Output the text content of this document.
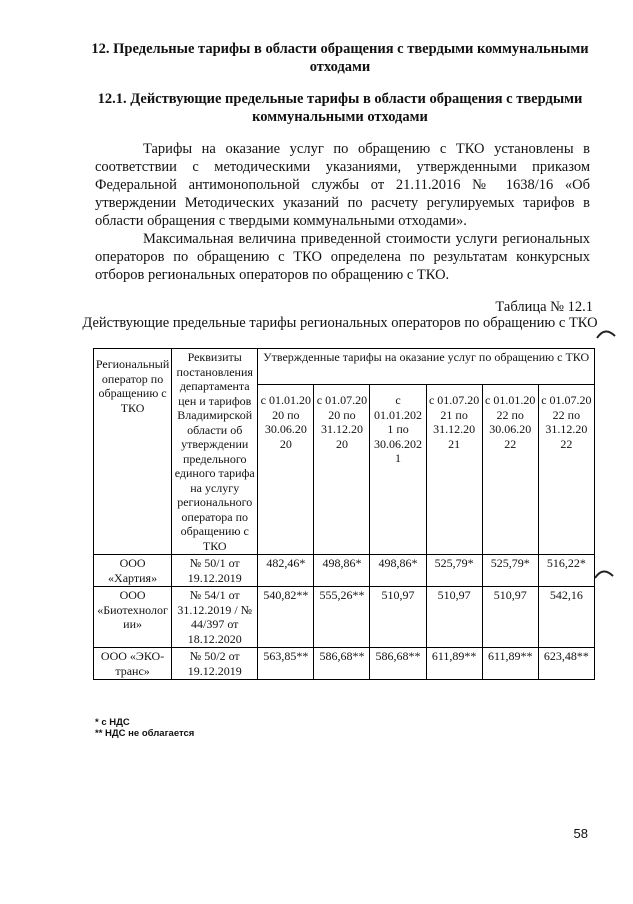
12. Предельные тарифы в области обращения с твердыми коммунальными отходами
12.1. Действующие предельные тарифы в области обращения с твердыми коммунальными отходами
Тарифы на оказание услуг по обращению с ТКО установлены в соответствии с методическими указаниями, утвержденными приказом Федеральной антимонопольной службы от 21.11.2016 № 1638/16 «Об утверждении Методических указаний по расчету регулируемых тарифов в области обращения с твердыми коммунальными отходами».
Максимальная величина приведенной стоимости услуги региональных операторов по обращению с ТКО определена по результатам конкурсных отборов региональных операторов по обращению с ТКО.
Таблица № 12.1
Действующие предельные тарифы региональных операторов по обращению с ТКО
Региональный оператор по обращению с ТКО	Реквизиты постановления департамента цен и тарифов Владимирской области об утверждении предельного единого тарифа на услугу регионального оператора по обращению с ТКО	Утвержденные тарифы на оказание услуг по обращению с ТКО					
		с 01.01.20 20 по 30.06.20 20	с 01.07.20 20 по 31.12.20 20	с 01.01.202 1 по 30.06.202 1	с 01.07.20 21 по 31.12.20 21	с 01.01.20 22 по 30.06.20 22	с 01.07.20 22 по 31.12.20 22
ООО «Хартия»	№ 50/1 от 19.12.2019	482,46*	498,86*	498,86*	525,79*	525,79*	516,22*
ООО «Биотехнолог ии»	№ 54/1 от 31.12.2019 / № 44/397 от 18.12.2020	540,82**	555,26**	510,97	510,97	510,97	542,16
ООО «ЭКО-транс»	№ 50/2 от 19.12.2019	563,85**	586,68**	586,68**	611,89**	611,89**	623,48**
* с НДС
** НДС не облагается
58
